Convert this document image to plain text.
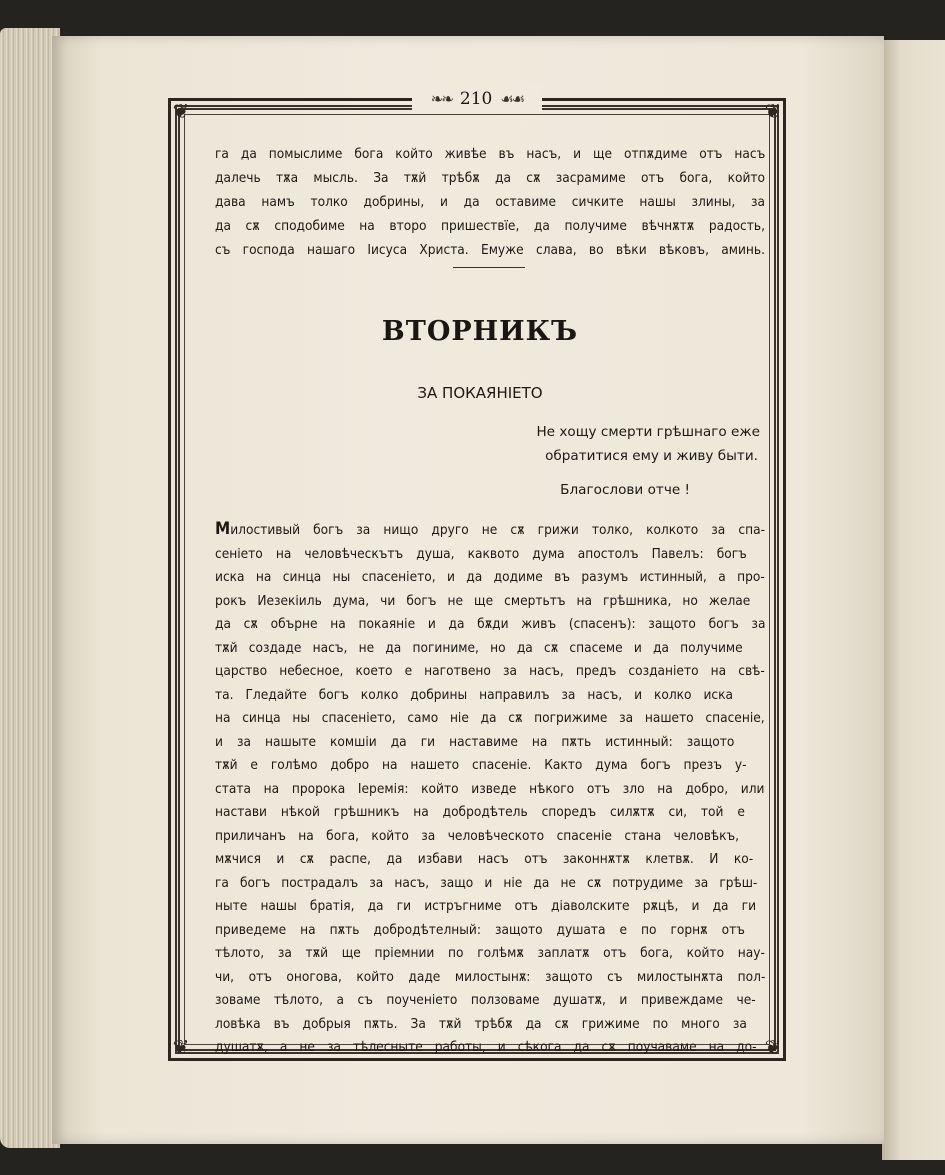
❦	❦
❦	❦
❧❧ 210 ☙☙
га да помыслиме бога който живѣе въ насъ, и ще отпѫдиме отъ насъ
далечь тѫа мысль. За тѫй трѣбѫ да сѫ засрамиме отъ бога, който
дава намъ толко добрины, и да оставиме сичките нашы злины, за
да сѫ сподобиме на второ пришествїе, да получиме вѣчнѫтѫ радость,
съ господа нашаго Iисуса Христа. Емуже слава, во вѣки вѣковъ, аминь.
ВТОРНИКЪ
ЗА ПОКАЯНIЕТО
Не хощу смерти грѣшнаго еже
обратитися ему и живу быти.
Благослови отче !
Милостивый богъ за нищо друго не сѫ грижи толко, колкото за спа-
сенiето на человѣческътъ душа, каквото дума апостолъ Павелъ: богъ
иска на синца ны спасенiето, и да додиме въ разумъ истинный, а про-
рокъ Иезекiиль дума, чи богъ не ще смертьтъ на грѣшника, но желае
да сѫ обърне на покаянiе и да бѫди живъ (спасенъ): защото богъ за
тѫй создаде насъ, не да погиниме, но да сѫ спасеме и да получиме
царство небесное, което е наготвено за насъ, предъ созданiето на свѣ-
та. Гледайте богъ колко добрины направилъ за насъ, и колко иска
на синца ны спасенiето, само нiе да сѫ погрижиме за нашето спасенiе,
и за нашыте комшiи да ги наставиме на пѫть истинный: защото
тѫй е голѣмо добро на нашето спасенiе. Както дума богъ презъ у-
стата на пророка Iеремiя: който изведе нѣкого отъ зло на добро, или
настави нѣкой грѣшникъ на добродѣтель споредъ силѫтѫ си, той е
приличанъ на бога, който за человѣческото спасенiе стана человѣкъ,
мѫчися и сѫ распе, да избави насъ отъ законнѫтѫ клетвѫ. И ко-
га богъ пострадалъ за насъ, защо и нiе да не сѫ потрудиме за грѣш-
ныте нашы братiя, да ги истръгниме отъ дiаволските рѫцѣ, и да ги
приведеме на пѫть добродѣтелный: защото душата е по горнѫ отъ
тѣлото, за тѫй ще прiемнии по голѣмѫ заплатѫ отъ бога, който нау-
чи, отъ оногова, който даде милостынѫ: защото съ милостынѫта пол-
зоваме тѣлото, а съ поученiето ползоваме душатѫ, и привеждаме че-
ловѣка въ добрыя пѫть. За тѫй трѣбѫ да сѫ грижиме по много за
душатѫ, а не за тѣлесныте работы, и сѣкога да сѫ поучаваме на до-
